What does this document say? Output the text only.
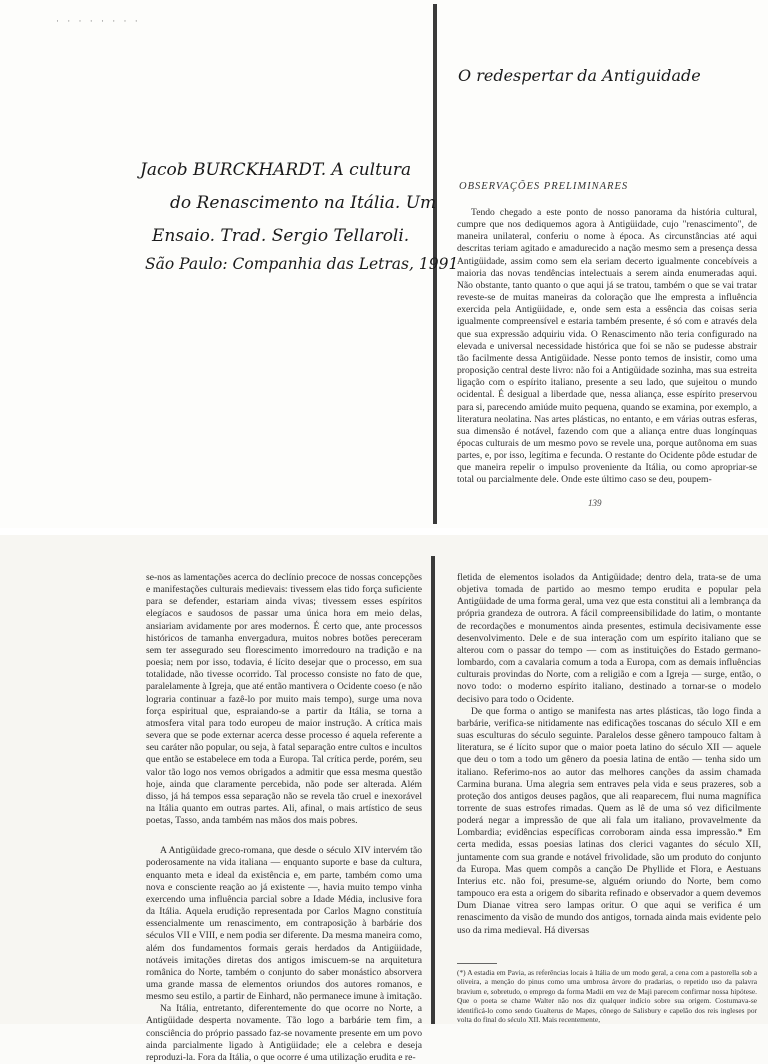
· · · · · · · ·
O redespertar da Antiguidade
Jacob BURCKHARDT. A cultura
do Renascimento na Itália. Um
Ensaio. Trad. Sergio Tellaroli.
São Paulo: Companhia das Letras, 1991
OBSERVAÇÕES PRELIMINARES

Tendo chegado a este ponto de nosso panorama da história cultural, cumpre que nos dediquemos agora à Antigüidade, cujo "renascimento", de maneira unilateral, conferiu o nome à época. As circunstâncias até aqui descritas teriam agitado e amadurecido a nação mesmo sem a presença dessa Antigüidade, assim como sem ela seriam decerto igualmente concebíveis a maioria das novas tendências intelectuais a serem ainda enumeradas aqui. Não obstante, tanto quanto o que aqui já se tratou, também o que se vai tratar reveste-se de muitas maneiras da coloração que lhe empresta a influência exercida pela Antigüidade, e, onde sem esta a essência das coisas seria igualmente compreensível e estaria também presente, é só com e através dela que sua expressão adquiriu vida. O Renascimento não teria configurado na elevada e universal necessidade histórica que foi se não se pudesse abstrair tão facilmente dessa Antigüidade. Nesse ponto temos de insistir, como uma proposição central deste livro: não foi a Antigüidade sozinha, mas sua estreita ligação com o espírito italiano, presente a seu lado, que sujeitou o mundo ocidental. É desigual a liberdade que, nessa aliança, esse espírito preservou para si, parecendo amiúde muito pequena, quando se examina, por exemplo, a literatura neolatina. Nas artes plásticas, no entanto, e em várias outras esferas, sua dimensão é notável, fazendo com que a aliança entre duas longínquas épocas culturais de um mesmo povo se revele una, porque autônoma em suas partes, e, por isso, legítima e fecunda. O restante do Ocidente pôde estudar de que maneira repelir o impulso proveniente da Itália, ou como apropriar-se total ou parcialmente dele. Onde este último caso se deu, poupem-

139

se-nos as lamentações acerca do declínio precoce de nossas concepções e manifestações culturais medievais: tivessem elas tido força suficiente para se defender, estariam ainda vivas; tivessem esses espíritos elegíacos e saudosos de passar uma única hora em meio delas, ansiariam avidamente por ares modernos. É certo que, ante processos históricos de tamanha envergadura, muitos nobres botões pereceram sem ter assegurado seu florescimento imorredouro na tradição e na poesia; nem por isso, todavia, é lícito desejar que o processo, em sua totalidade, não tivesse ocorrido. Tal processo consiste no fato de que, paralelamente à Igreja, que até então mantivera o Ocidente coeso (e não lograria continuar a fazê-lo por muito mais tempo), surge uma nova força espiritual que, espraiando-se a partir da Itália, se torna a atmosfera vital para todo europeu de maior instrução. A crítica mais severa que se pode externar acerca desse processo é aquela referente a seu caráter não popular, ou seja, à fatal separação entre cultos e incultos que então se estabelece em toda a Europa. Tal crítica perde, porém, seu valor tão logo nos vemos obrigados a admitir que essa mesma questão hoje, ainda que claramente percebida, não pode ser alterada. Além disso, já há tempos essa separação não se revela tão cruel e inexorável na Itália quanto em outras partes. Ali, afinal, o mais artístico de seus poetas, Tasso, anda também nas mãos dos mais pobres.

A Antigüidade greco-romana, que desde o século XIV intervém tão poderosamente na vida italiana — enquanto suporte e base da cultura, enquanto meta e ideal da existência e, em parte, também como uma nova e consciente reação ao já existente —, havia muito tempo vinha exercendo uma influência parcial sobre a Idade Média, inclusive fora da Itália. Aquela erudição representada por Carlos Magno constituía essencialmente um renascimento, em contraposição à barbárie dos séculos VII e VIII, e nem podia ser diferente. Da mesma maneira como, além dos fundamentos formais gerais herdados da Antigüidade, notáveis imitações diretas dos antigos imiscuem-se na arquitetura românica do Norte, também o conjunto do saber monástico absorvera uma grande massa de elementos oriundos dos autores romanos, e mesmo seu estilo, a partir de Einhard, não permanece imune à imitação.

Na Itália, entretanto, diferentemente do que ocorre no Norte, a Antigüidade desperta novamente. Tão logo a barbárie tem fim, a consciência do próprio passado faz-se novamente presente em um povo ainda parcialmente ligado à Antigüidade; ele a celebra e deseja reproduzi-la. Fora da Itália, o que ocorre é uma utilização erudita e re-

fletida de elementos isolados da Antigüidade; dentro dela, trata-se de uma objetiva tomada de partido ao mesmo tempo erudita e popular pela Antigüidade de uma forma geral, uma vez que esta constitui ali a lembrança da própria grandeza de outrora. A fácil compreensibilidade do latim, o montante de recordações e monumentos ainda presentes, estimula decisivamente esse desenvolvimento. Dele e de sua interação com um espírito italiano que se alterou com o passar do tempo — com as instituições do Estado germano-lombardo, com a cavalaria comum a toda a Europa, com as demais influências culturais provindas do Norte, com a religião e com a Igreja — surge, então, o novo todo: o moderno espírito italiano, destinado a tornar-se o modelo decisivo para todo o Ocidente.

De que forma o antigo se manifesta nas artes plásticas, tão logo finda a barbárie, verifica-se nitidamente nas edificações toscanas do século XII e em suas esculturas do século seguinte. Paralelos desse gênero tampouco faltam à literatura, se é lícito supor que o maior poeta latino do século XII — aquele que deu o tom a todo um gênero da poesia latina de então — tenha sido um italiano. Referimo-nos ao autor das melhores canções da assim chamada Carmina burana. Uma alegria sem entraves pela vida e seus prazeres, sob a proteção dos antigos deuses pagãos, que ali reaparecem, flui numa magnífica torrente de suas estrofes rimadas. Quem as lê de uma só vez dificilmente poderá negar a impressão de que ali fala um italiano, provavelmente da Lombardia; evidências específicas corroboram ainda essa impressão.* Em certa medida, essas poesias latinas dos clerici vagantes do século XII, juntamente com sua grande e notável frivolidade, são um produto do conjunto da Europa. Mas quem compôs a canção De Phyllide et Flora, e Aestuans Interius etc. não foi, presume-se, alguém oriundo do Norte, bem como tampouco era esta a origem do sibarita refinado e observador a quem devemos Dum Dianae vitrea sero lampas oritur. O que aqui se verifica é um renascimento da visão de mundo dos antigos, tornada ainda mais evidente pelo uso da rima medieval. Há diversas

(*) A estadia em Pavia, as referências locais à Itália de um modo geral, a cena com a pastorella sob a oliveira, a menção do pinus como uma umbrosa árvore do pradarias, o repetido uso da palavra bravium e, sobretudo, o emprego da forma Madii em vez de Maji parecem confirmar nossa hipótese. Que o poeta se chame Walter não nos diz qualquer indício sobre sua origem. Costumava-se identificá-lo como sendo Gualterus de Mapes, cônego de Salisbury e capelão dos reis ingleses por volta do final do século XII. Mais recentemente,
